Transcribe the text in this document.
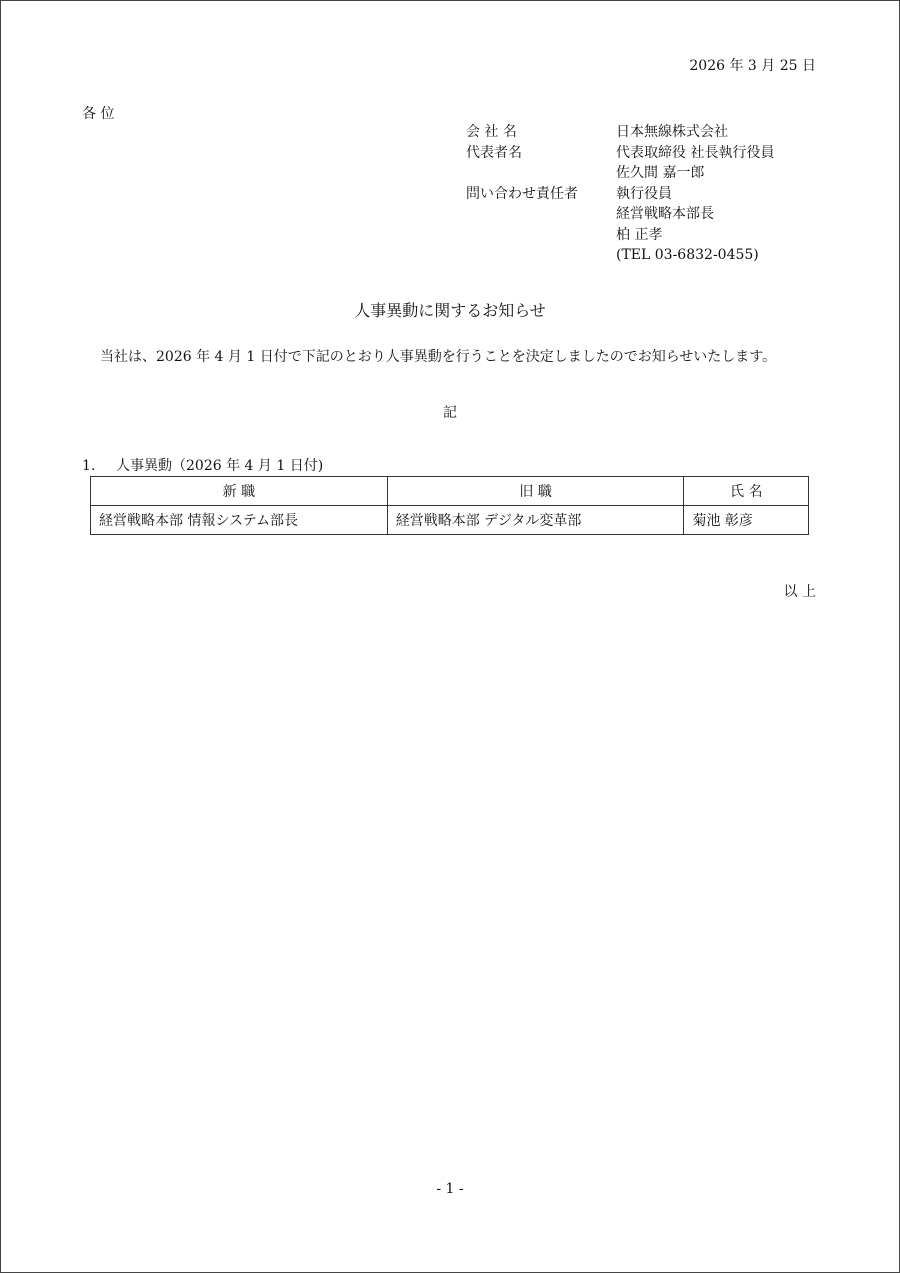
2026 年 3 月 25 日
各 位
会 社 名	日本無線株式会社
代表者名	代表取締役 社長執行役員
佐久間 嘉一郎
問い合わせ責任者	執行役員
経営戦略本部長
柏 正孝
(TEL 03-6832-0455)
人事異動に関するお知らせ
当社は、2026 年 4 月 1 日付で下記のとおり人事異動を行うことを決定しましたのでお知らせいたします。
記
1. 人事異動（2026 年 4 月 1 日付)
新 職	旧 職	氏 名
経営戦略本部 情報システム部長	経営戦略本部 デジタル変革部	菊池 彰彦
以 上
- 1 -
